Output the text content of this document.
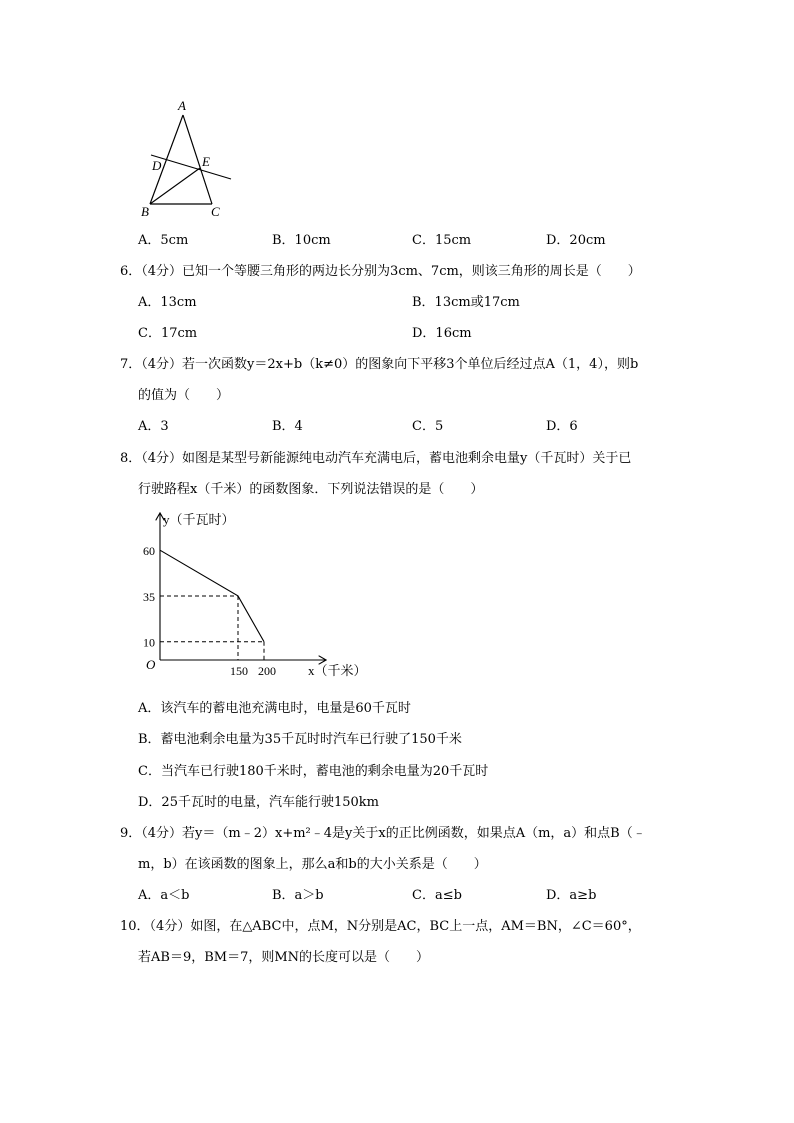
A
D	E
B	C
A．5cm	B．10cm	C．15cm	D．20cm
6．（4分）已知一个等腰三角形的两边长分别为3cm、7cm，则该三角形的周长是（　　）
A．13cm	B．13cm或17cm
C．17cm	D．16cm
7．（4分）若一次函数y＝2x+b（k≠0）的图象向下平移3个单位后经过点A（1，4），则b
的值为（　　）
A．3	B．4	C．5	D．6
8．（4分）如图是某型号新能源纯电动汽车充满电后，蓄电池剩余电量y（千瓦时）关于已
行驶路程x（千米）的函数图象．下列说法错误的是（　　）
60
35
10
150 200
y（千瓦时）
x（千米）
O
A．该汽车的蓄电池充满电时，电量是60千瓦时
B．蓄电池剩余电量为35千瓦时时汽车已行驶了150千米
C．当汽车已行驶180千米时，蓄电池的剩余电量为20千瓦时
D．25千瓦时的电量，汽车能行驶150km
9．（4分）若y＝（m﹣2）x+m²﹣4是y关于x的正比例函数，如果点A（m，a）和点B（﹣
m，b）在该函数的图象上，那么a和b的大小关系是（　　）
A．a＜b	B．a＞b	C．a≤b	D．a≥b
10．（4分）如图，在△ABC中，点M，N分别是AC，BC上一点，AM＝BN，∠C＝60°，
若AB＝9，BM＝7，则MN的长度可以是（　　）
